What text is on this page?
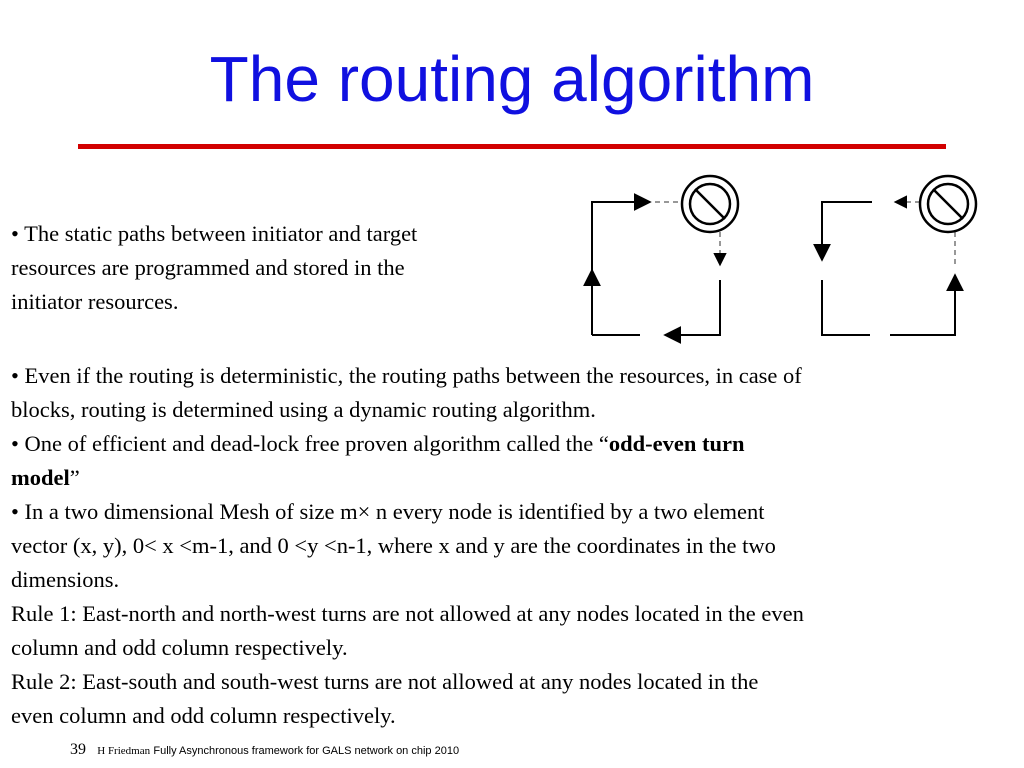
The routing algorithm
• The static paths between initiator and target
resources are programmed and stored in the
initiator resources.
• Even if the routing is deterministic, the routing paths between the resources, in case of
blocks, routing is determined using a dynamic routing algorithm.
• One of efficient and dead-lock free proven algorithm called the “odd-even turn
model”
• In a two dimensional Mesh of size m× n every node is identified by a two element
vector (x, y), 0< x <m-1, and 0 <y <n-1, where x and y are the coordinates in the two
dimensions.
Rule 1: East-north and north-west turns are not allowed at any nodes located in the even
column and odd column respectively.
Rule 2: East-south and south-west turns are not allowed at any nodes located in the
even column and odd column respectively.
39 H Friedman Fully Asynchronous framework for GALS network on chip 2010
